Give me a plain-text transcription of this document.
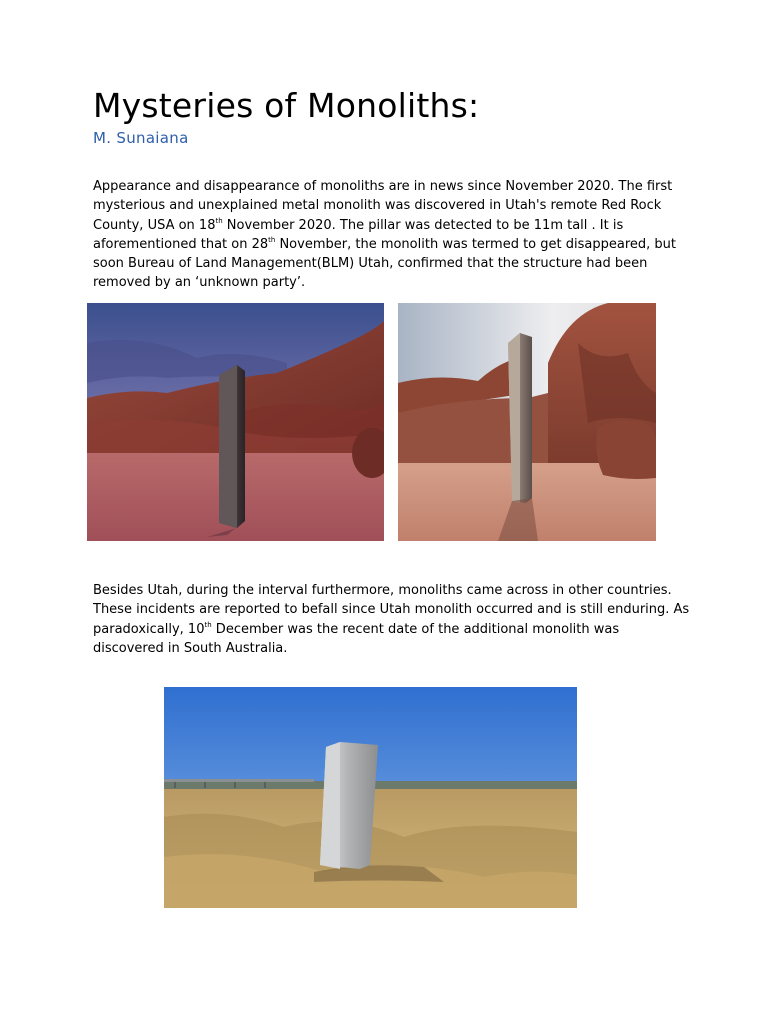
Mysteries of Monoliths:
M. Sunaiana
Appearance and disappearance of monoliths are in news since November 2020. The first
mysterious and unexplained metal monolith was discovered in Utah's remote Red Rock
County, USA on 18th November 2020. The pillar was detected to be 11m tall . It is
aforementioned that on 28th November, the monolith was termed to get disappeared, but
soon Bureau of Land Management(BLM) Utah, confirmed that the structure had been
removed by an ‘unknown party’.
Besides Utah, during the interval furthermore, monoliths came across in other countries.
These incidents are reported to befall since Utah monolith occurred and is still enduring. As
paradoxically, 10th December was the recent date of the additional monolith was
discovered in South Australia.
